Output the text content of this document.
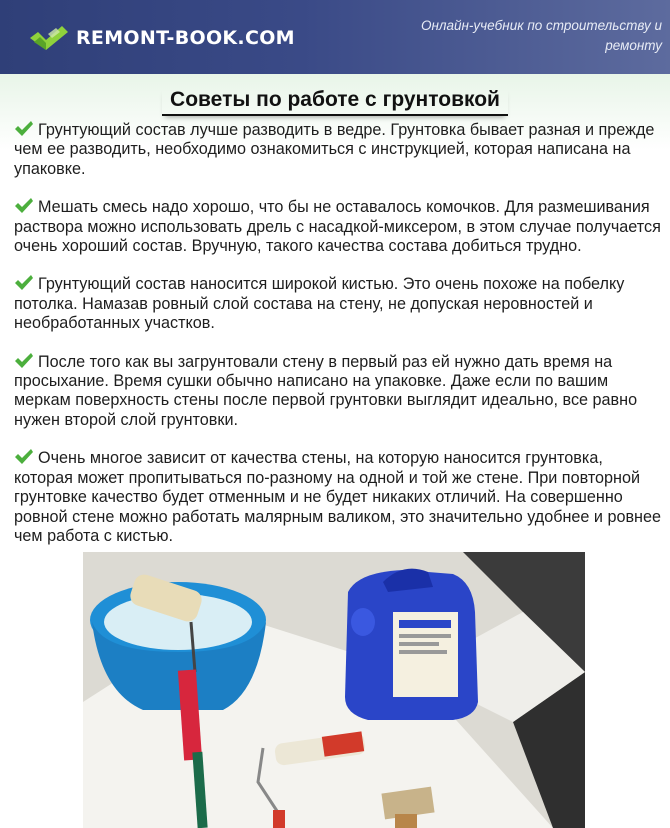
REMONT-BOOK.COM
Онлайн-учебник по строительству и ремонту
Советы по работе с грунтовкой

Грунтующий состав лучше разводить в ведре. Грунтовка бывает разная и прежде чем ее разводить, необходимо ознакомиться с инструкцией, которая написана на упаковке.

Мешать смесь надо хорошо, что бы не оставалось комочков. Для размешивания раствора можно использовать дрель с насадкой-миксером, в этом случае получается очень хороший состав. Вручную, такого качества состава добиться трудно.

Грунтующий состав наносится широкой кистью. Это очень похоже на побелку потолка. Намазав ровный слой состава на стену, не допуская неровностей и необработанных участков.

После того как вы загрунтовали стену в первый раз ей нужно дать время на просыхание. Время сушки обычно написано на упаковке. Даже если по вашим меркам поверхность стены после первой грунтовки выглядит идеально, все равно нужен второй слой грунтовки.

Очень многое зависит от качества стены, на которую наносится грунтовка, которая может пропитываться по-разному на одной и той же стене. При повторной грунтовке качество будет отменным и не будет никаких отличий. На совершенно ровной стене можно работать малярным валиком, это значительно удобнее и ровнее чем работа с кистью.
